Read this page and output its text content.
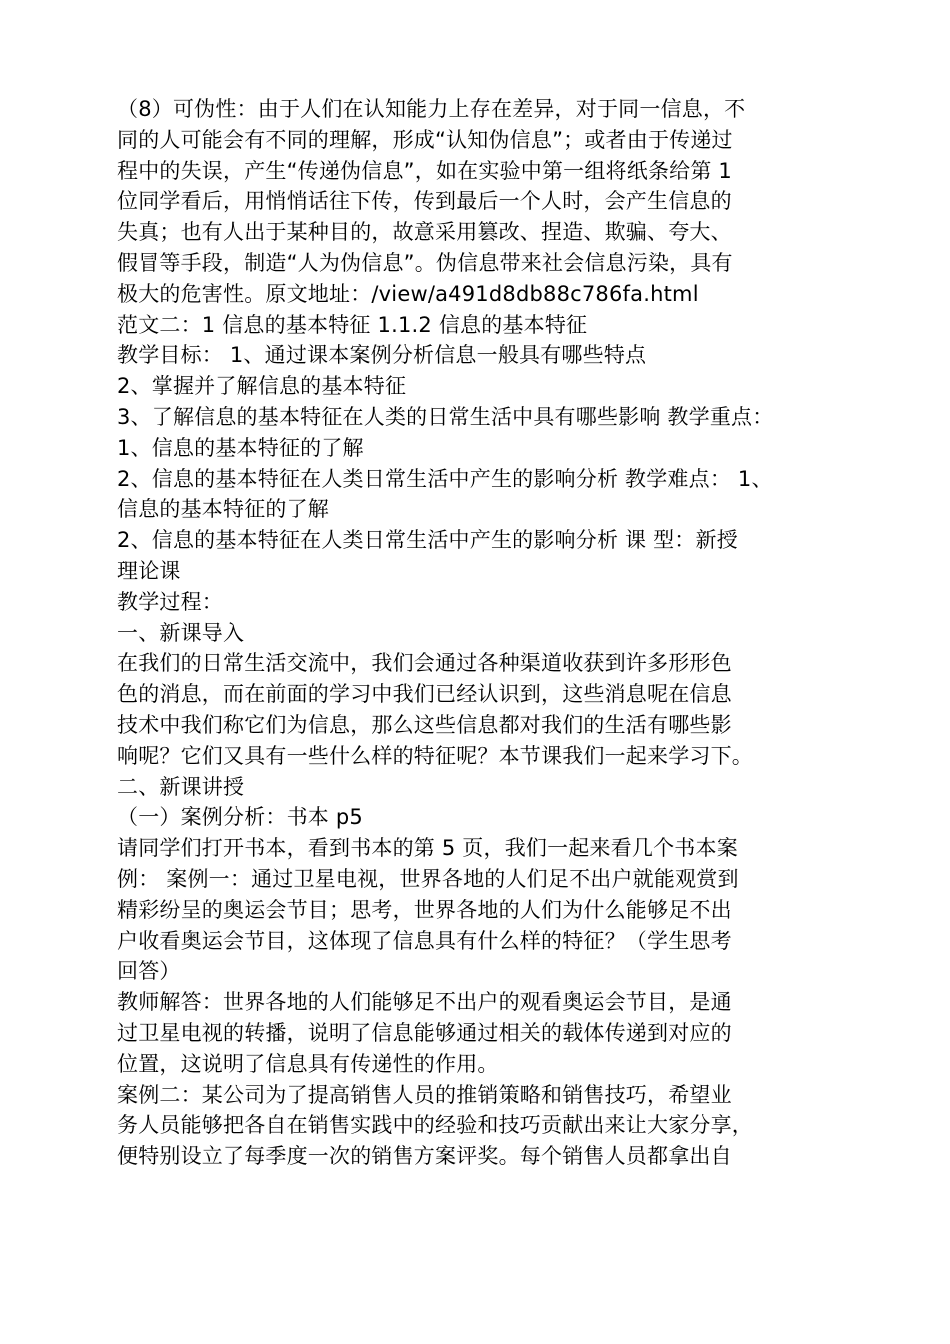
（8）可伪性：由于人们在认知能力上存在差异，对于同一信息，不
同的人可能会有不同的理解，形成“认知伪信息”；或者由于传递过
程中的失误，产生“传递伪信息”，如在实验中第一组将纸条给第 1
位同学看后，用悄悄话往下传，传到最后一个人时，会产生信息的
失真；也有人出于某种目的，故意采用篡改、捏造、欺骗、夸大、
假冒等手段，制造“人为伪信息”。伪信息带来社会信息污染，具有
极大的危害性。原文地址：/view/a491d8db88c786fa.html
范文二：1 信息的基本特征 1.1.2 信息的基本特征
教学目标： 1、通过课本案例分析信息一般具有哪些特点
2、掌握并了解信息的基本特征
3、了解信息的基本特征在人类的日常生活中具有哪些影响 教学重点：
1、信息的基本特征的了解
2、信息的基本特征在人类日常生活中产生的影响分析 教学难点： 1、
信息的基本特征的了解
2、信息的基本特征在人类日常生活中产生的影响分析 课 型：新授
理论课
教学过程：
一、新课导入
在我们的日常生活交流中，我们会通过各种渠道收获到许多形形色
色的消息，而在前面的学习中我们已经认识到，这些消息呢在信息
技术中我们称它们为信息，那么这些信息都对我们的生活有哪些影
响呢？它们又具有一些什么样的特征呢？本节课我们一起来学习下。
二、新课讲授
（一）案例分析：书本 p5
请同学们打开书本，看到书本的第 5 页，我们一起来看几个书本案
例： 案例一：通过卫星电视，世界各地的人们足不出户就能观赏到
精彩纷呈的奥运会节目；思考，世界各地的人们为什么能够足不出
户收看奥运会节目，这体现了信息具有什么样的特征？（学生思考
回答）
教师解答：世界各地的人们能够足不出户的观看奥运会节目，是通
过卫星电视的转播，说明了信息能够通过相关的载体传递到对应的
位置，这说明了信息具有传递性的作用。
案例二：某公司为了提高销售人员的推销策略和销售技巧，希望业
务人员能够把各自在销售实践中的经验和技巧贡献出来让大家分享，
便特别设立了每季度一次的销售方案评奖。每个销售人员都拿出自
